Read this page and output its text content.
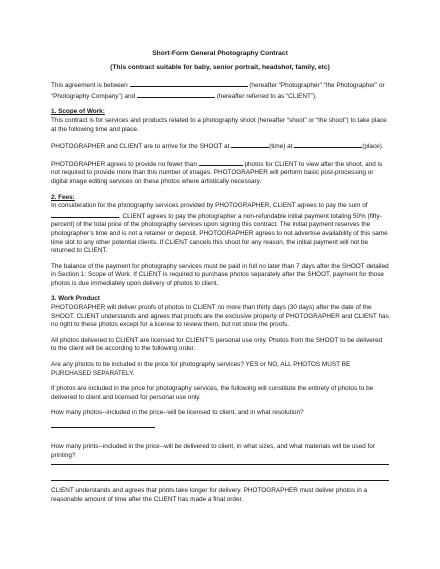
Short-Form General Photography Contract

(This contract suitable for baby, senior portrait, headshot, family, etc)

This agreement is between	(hereafter “Photographer” “the Photographer” or
“Photography Company”) and	(hereafter referred to as “CLIENT”).

1. Scope of Work:

This contract is for services and products related to a photography shoot (hereafter “shoot” or “the shoot”) to take place at the following time and place.

PHOTOGRAPHER and CLIENT are to arrive for the SHOOT at	(time) at	(place).

PHOTOGRAPHER agrees to provide no fewer than	photos for CLIENT to view after the shoot, and is not required to provide more than this number of images. PHOTOGRAPHER will perform basic post-processing or digital image editing services on these photos where artistically necessary.

2. Fees:

In consideration for the photography services provided by PHOTOGRAPHER, CLIENT agrees to pay the sum of
. CLIENT agrees to pay the photographer a non-refundable initial payment totaling 50% (fifty-percent) of the total price of the photography services upon signing this contract. The initial payment reserves the photographer’s time and is not a retainer or deposit. PHOTOGRAPHER agrees to not advertise availability of this same time slot to any other potential clients. If CLIENT cancels this shoot for any reason, the initial payment will not be returned to CLIENT.

The balance of the payment for photography services must be paid in full no later than 7 days after the SHOOT detailed in Section 1: Scope of Work. If CLIENT is required to purchase photos separately after the SHOOT, payment for those photos is due immediately upon delivery of photos to client.

3. Work Product

PHOTOGRAPHER will deliver proofs of photos to CLIENT no more than thirty days (30 days) after the date of the SHOOT. CLIENT understands and agrees that proofs are the exclusive property of PHOTOGRAPHER and CLIENT has no right to these photos except for a license to review them, but not store the proofs.

All photos delivered to CLIENT are licensed for CLIENT’S personal use only. Photos from the SHOOT to be delivered to the client will be according to the following order.

Are any photos to be included in the price for photography services? YES or NO, ALL PHOTOS MUST BE PURCHASED SEPARATELY.

If photos are included in the price for photography services, the following will constitute the entirety of photos to be delivered to client and licensed for personal use only.

How many photos--included in the price--will be licensed to client, and in what resolution?

How many prints--included in the price--will be delivered to client, in what sizes, and what materials will be used for printing?

CLIENT understands and agrees that prints take longer for delivery. PHOTOGRAPHER must deliver photos in a reasonable amount of time after the CLIENT has made a final order.
